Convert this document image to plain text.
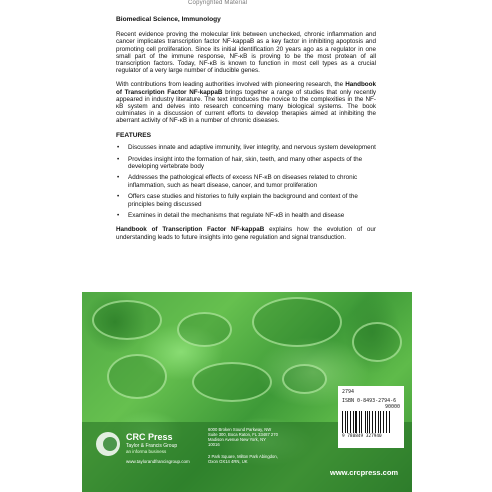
Copyrighted Material
Biomedical Science, Immunology

Recent evidence proving the molecular link between unchecked, chronic inflammation and cancer implicates transcription factor NF-kappaB as a key factor in inhibiting apoptosis and promoting cell proliferation. Since its initial identification 20 years ago as a regulator in one small part of the immune response, NF-κB is proving to be the most protean of all transcription factors. Today, NF-κB is known to function in most cell types as a crucial regulator of a very large number of inducible genes.

With contributions from leading authorities involved with pioneering research, the Handbook of Transcription Factor NF-kappaB brings together a range of studies that only recently appeared in industry literature. The text introduces the novice to the complexities in the NF-κB system and delves into research concerning many biological systems. The book culminates in a discussion of current efforts to develop therapies aimed at inhibiting the aberrant activity of NF-κB in a number of chronic diseases.

FEATURES
• Discusses innate and adaptive immunity, liver integrity, and nervous system development
• Provides insight into the formation of hair, skin, teeth, and many other aspects of the developing vertebrate body
• Addresses the pathological effects of excess NF-κB on diseases related to chronic inflammation, such as heart disease, cancer, and tumor proliferation
• Offers case studies and histories to fully explain the background and context of the principles being discussed
• Examines in detail the mechanisms that regulate NF-κB in health and disease

Handbook of Transcription Factor NF-kappaB explains how the evolution of our understanding leads to future insights into gene regulation and signal transduction.

CRC Press
Taylor & Francis Group
an informa business
www.taylorandfrancisgroup.com
6000 Broken Sound Parkway, NW Suite 300, Boca Raton, FL 33487 270 Madison Avenue New York, NY 10016
2 Park Square, Milton Park Abingdon, Oxon OX14 4RN, UK
2794
ISBN 0-8493-2794-6
90000
9 780849 327940
www.crcpress.com
